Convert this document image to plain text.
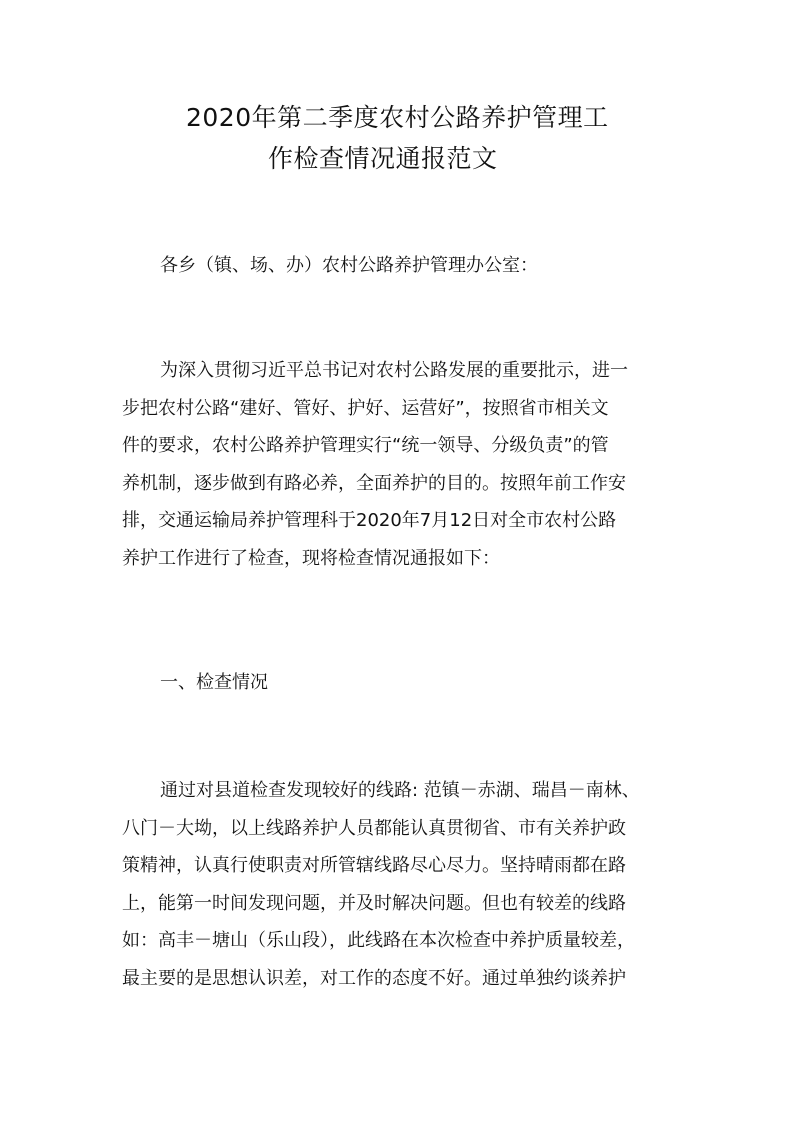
2020年第二季度农村公路养护管理工
作检查情况通报范文
各乡（镇、场、办）农村公路养护管理办公室：
为深入贯彻习近平总书记对农村公路发展的重要批示，进一
步把农村公路“建好、管好、护好、运营好”，按照省市相关文
件的要求，农村公路养护管理实行“统一领导、分级负责”的管
养机制，逐步做到有路必养，全面养护的目的。按照年前工作安
排，交通运输局养护管理科于2020年7月12日对全市农村公路
养护工作进行了检查，现将检查情况通报如下：
一、检查情况
通过对县道检查发现较好的线路: 范镇－赤湖、瑞昌－南林、
八门－大坳，以上线路养护人员都能认真贯彻省、市有关养护政
策精神，认真行使职责对所管辖线路尽心尽力。坚持晴雨都在路
上，能第一时间发现问题，并及时解决问题。但也有较差的线路
如：高丰－塘山（乐山段），此线路在本次检查中养护质量较差，
最主要的是思想认识差，对工作的态度不好。通过单独约谈养护
